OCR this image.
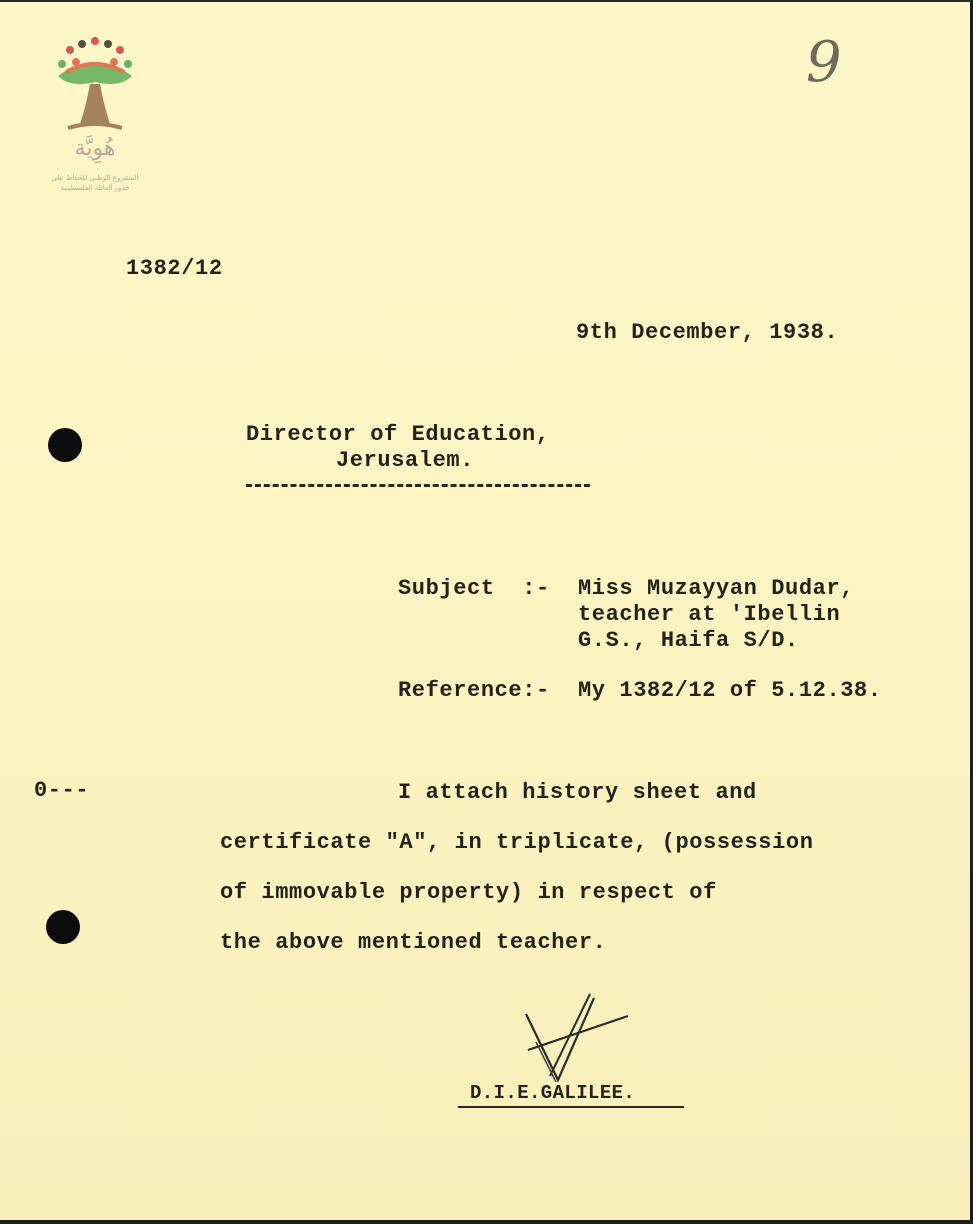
هُوِيَّة
المشروع الوطني للحفاظ على
جذور العائلة الفلسطينية
9
1382/12
9th December, 1938.
Director of Education,
Jerusalem.
Subject  :- Miss Muzayyan Dudar,
teacher at 'Ibellin
G.S., Haifa S/D.
Reference:- My 1382/12 of 5.12.38.
0---	I attach history sheet and
certificate "A", in triplicate, (possession
of immovable property) in respect of
the above mentioned teacher.
D.I.E.GALILEE.
